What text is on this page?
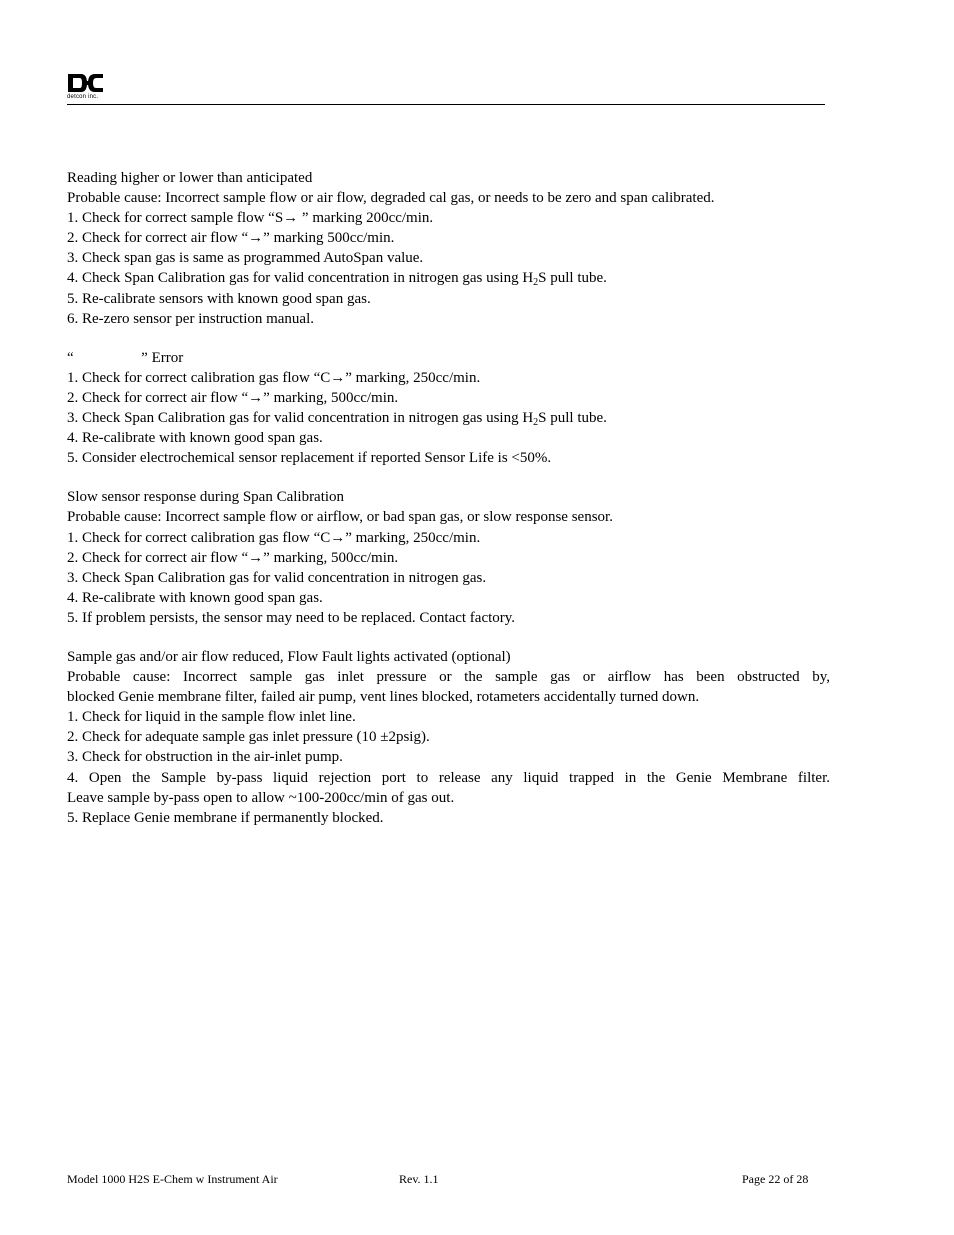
detcon inc.
Reading higher or lower than anticipated
Probable cause: Incorrect sample flow or air flow, degraded cal gas, or needs to be zero and span calibrated.
1. Check for correct sample flow “S→ ” marking 200cc/min.
2. Check for correct air flow “→” marking 500cc/min.
3. Check span gas is same as programmed AutoSpan value.
4. Check Span Calibration gas for valid concentration in nitrogen gas using $H_2S$ pull tube.
5. Re-calibrate sensors with known good span gas.
6. Re-zero sensor per instruction manual.
“                  ” Error
1. Check for correct calibration gas flow “C→” marking, 250cc/min.
2. Check for correct air flow “→” marking, 500cc/min.
3. Check Span Calibration gas for valid concentration in nitrogen gas using $H_2S$ pull tube.
4. Re-calibrate with known good span gas.
5. Consider electrochemical sensor replacement if reported Sensor Life is <50%.
Slow sensor response during Span Calibration
Probable cause: Incorrect sample flow or airflow, or bad span gas, or slow response sensor.
1. Check for correct calibration gas flow “C→” marking, 250cc/min.
2. Check for correct air flow “→” marking, 500cc/min.
3. Check Span Calibration gas for valid concentration in nitrogen gas.
4. Re-calibrate with known good span gas.
5. If problem persists, the sensor may need to be replaced. Contact factory.
Sample gas and/or air flow reduced, Flow Fault lights activated (optional)
Probable cause: Incorrect sample gas inlet pressure or the sample gas or airflow has been obstructed by,
blocked Genie membrane filter, failed air pump, vent lines blocked, rotameters accidentally turned down.
1. Check for liquid in the sample flow inlet line.
2. Check for adequate sample gas inlet pressure (10 ±2psig).
3. Check for obstruction in the air-inlet pump.
4. Open the Sample by-pass liquid rejection port to release any liquid trapped in the Genie Membrane filter.
Leave sample by-pass open to allow ~100-200cc/min of gas out.
5. Replace Genie membrane if permanently blocked.
Model 1000 H2S E-Chem w Instrument Air	Rev. 1.1	Page 22 of 28
